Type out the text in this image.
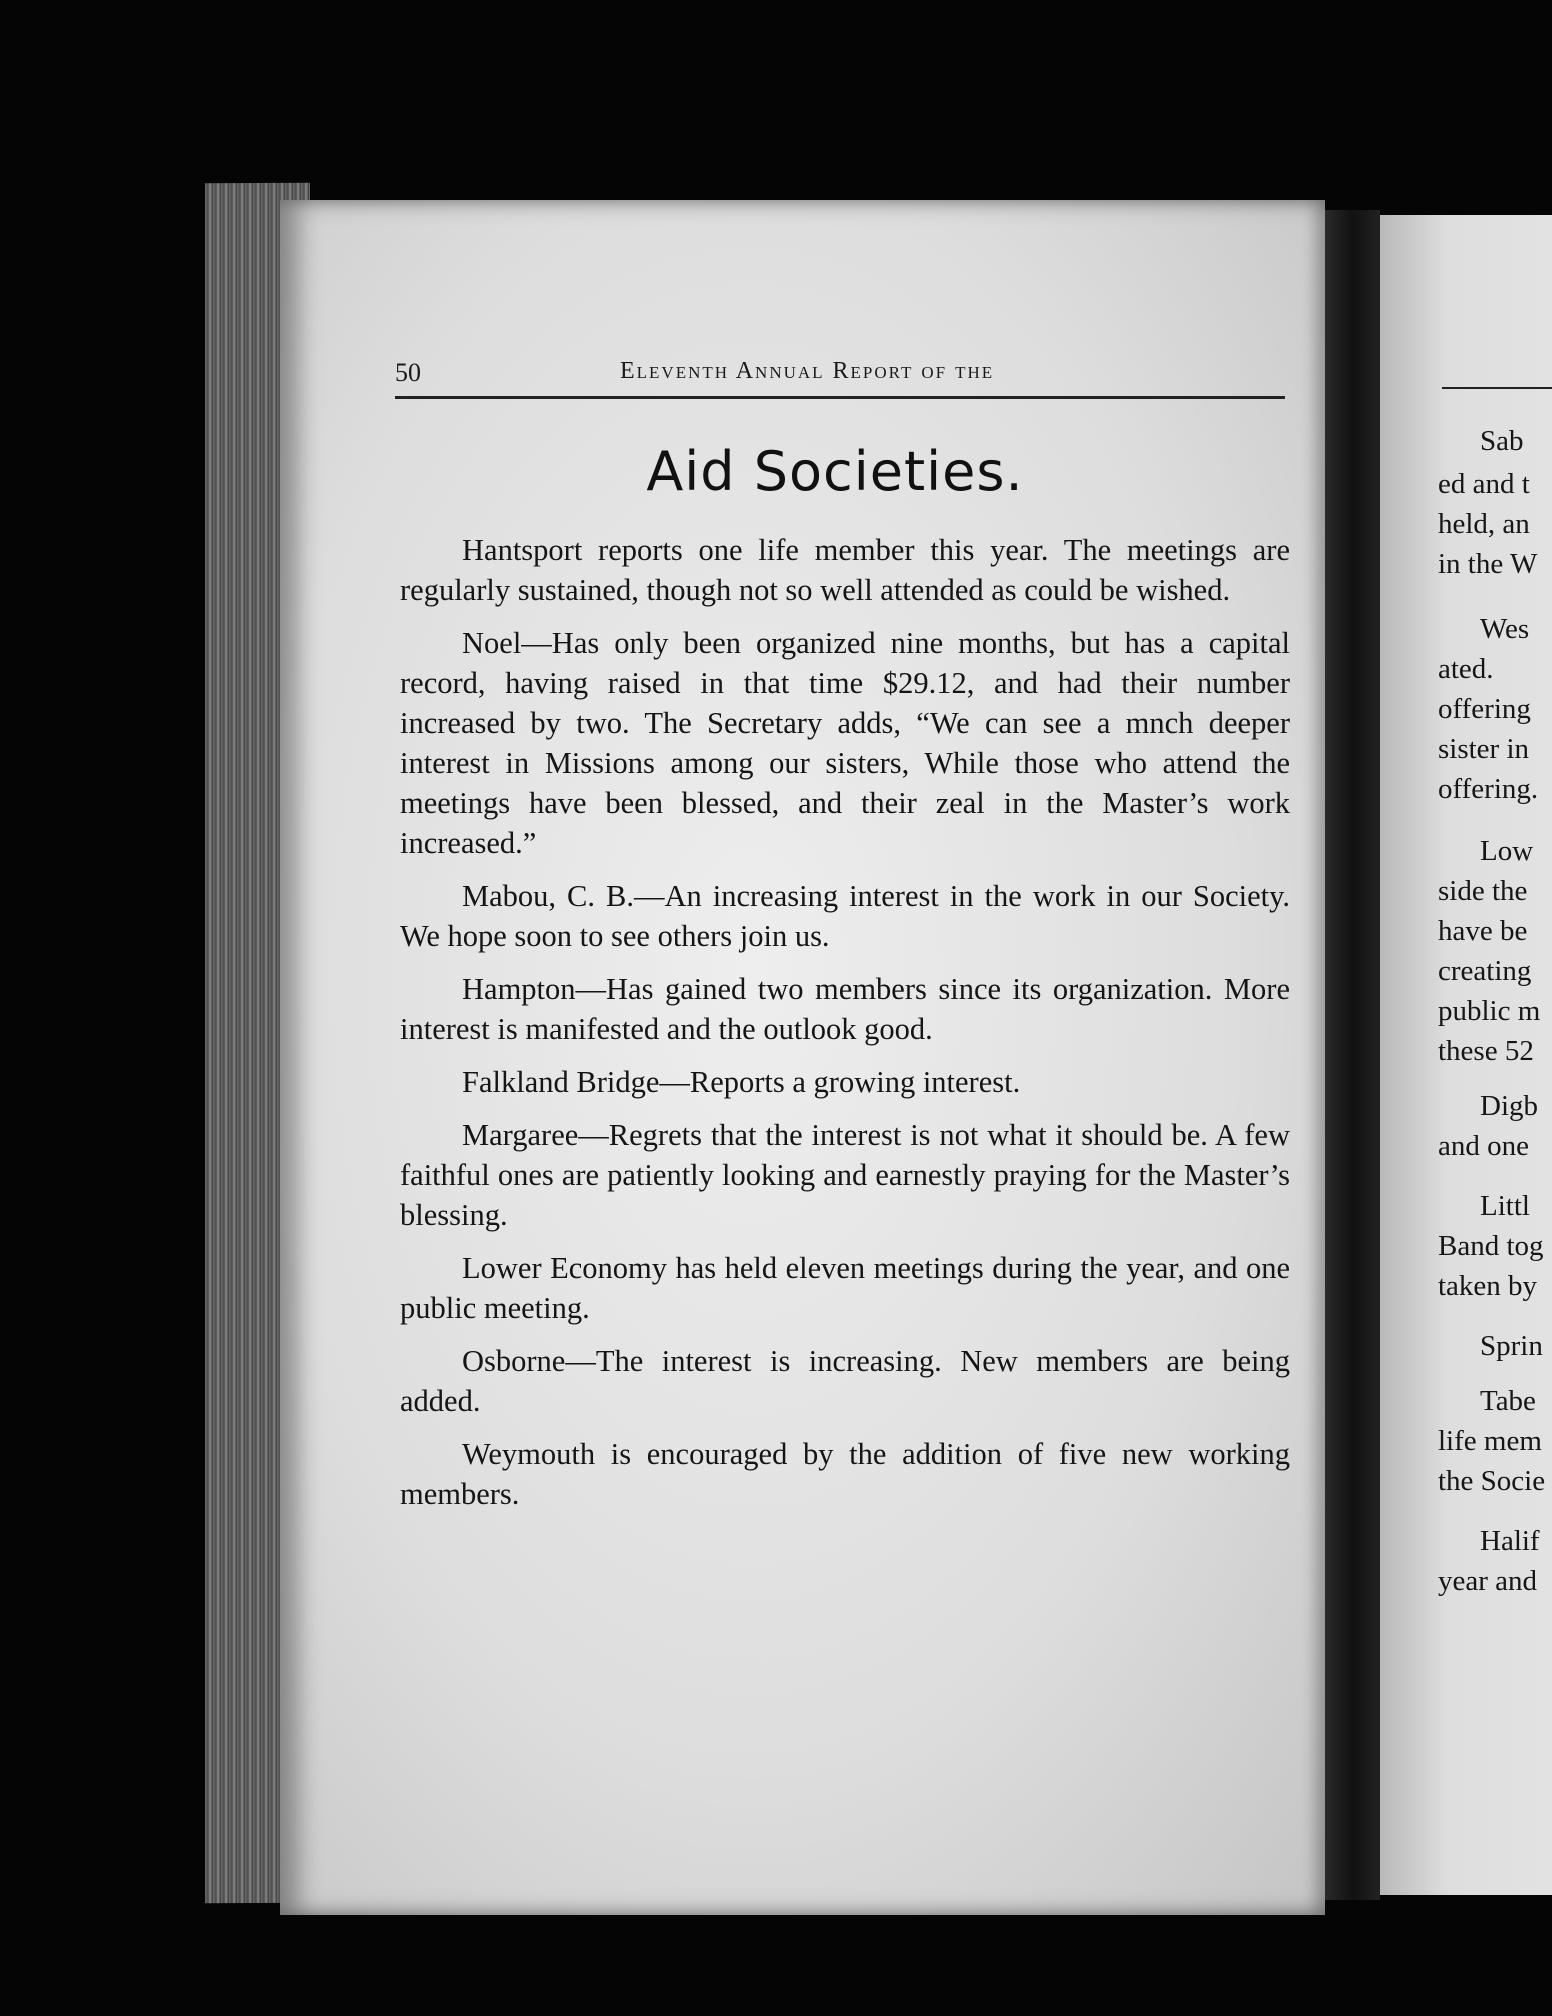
50	Eleventh Annual Report of the
Aid Societies.

Hantsport reports one life member this year. The meetings are regularly sustained, though not so well attended as could be wished.

Noel—Has only been organized nine months, but has a capital record, having raised in that time $29.12, and had their number increased by two. The Secretary adds, “We can see a mnch deeper interest in Missions among our sisters, While those who attend the meetings have been blessed, and their zeal in the Master’s work increased.”

Mabou, C. B.—An increasing interest in the work in our Society. We hope soon to see others join us.

Hampton—Has gained two members since its organization. More interest is manifested and the outlook good.

Falkland Bridge—Reports a growing interest.

Margaree—Regrets that the interest is not what it should be. A few faithful ones are patiently looking and earnestly praying for the Master’s blessing.

Lower Economy has held eleven meetings during the year, and one public meeting.

Osborne—The interest is increasing. New members are being added.

Weymouth is encouraged by the addition of five new working members.

Sab
ed and t
held, an
in the W
Wes
ated.
offering
sister in
offering.
Low
side the
have be
creating
public m
these 52
Digb
and one
Littl
Band tog
taken by
Sprin
Tabe
life mem
the Socie
Halif
year and
